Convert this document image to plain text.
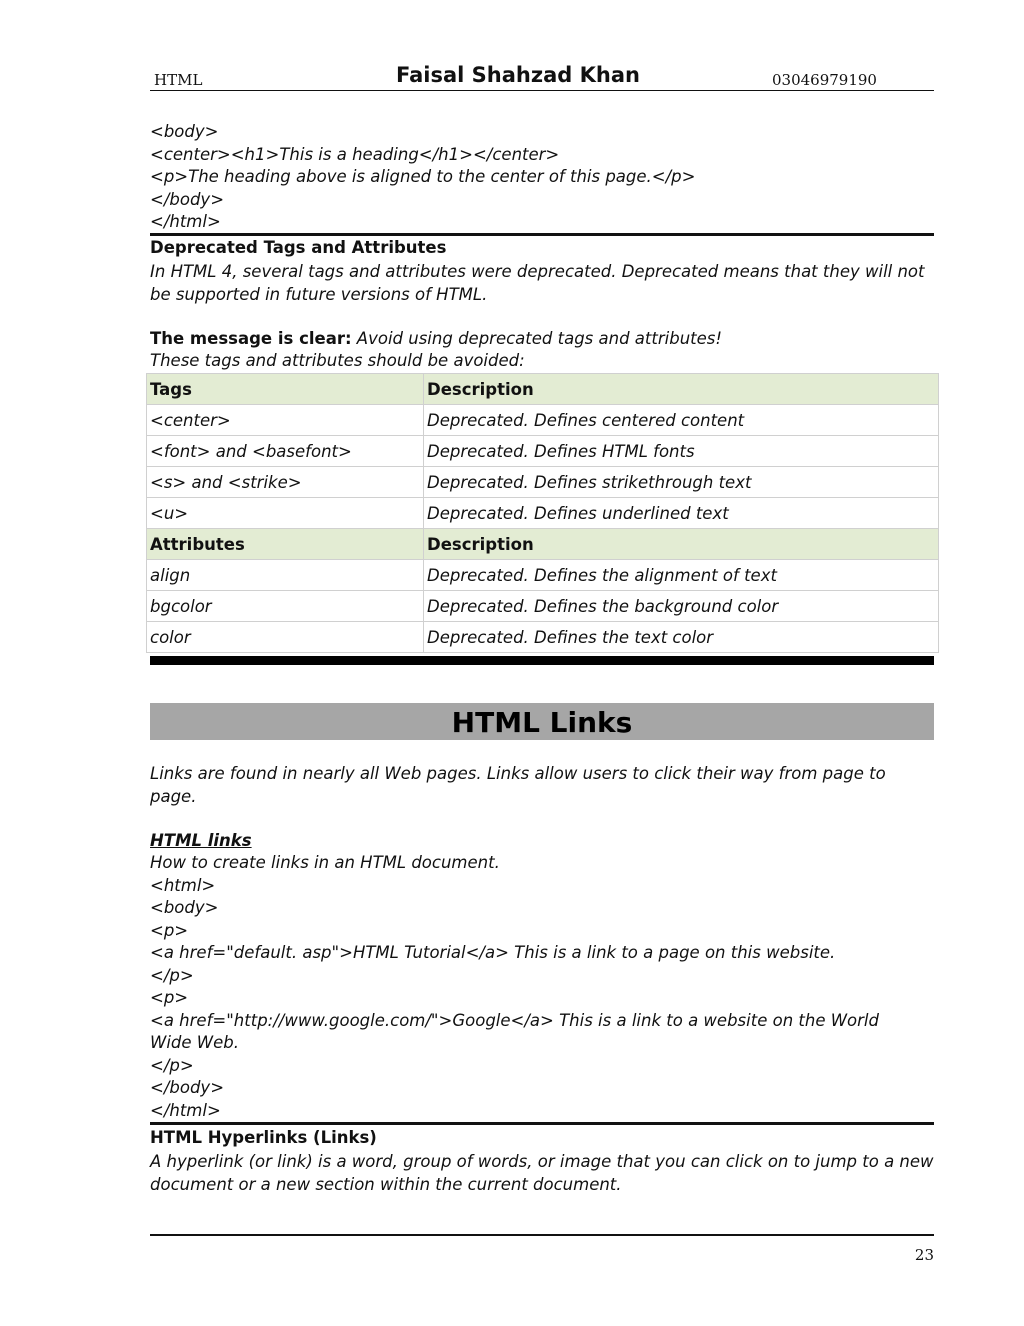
HTML	Faisal Shahzad Khan	03046979190
<body>
<center><h1>This is a heading</h1></center>
<p>The heading above is aligned to the center of this page.</p>
</body>
</html>
Deprecated Tags and Attributes
In HTML 4, several tags and attributes were deprecated. Deprecated means that they will not be supported in future versions of HTML.
The message is clear: Avoid using deprecated tags and attributes!
These tags and attributes should be avoided:
Tags	Description
<center>	Deprecated. Defines centered content
<font> and <basefont>	Deprecated. Defines HTML fonts
<s> and <strike>	Deprecated. Defines strikethrough text
<u>	Deprecated. Defines underlined text
Attributes	Description
align	Deprecated. Defines the alignment of text
bgcolor	Deprecated. Defines the background color
color	Deprecated. Defines the text color
HTML Links
Links are found in nearly all Web pages. Links allow users to click their way from page to page.
HTML links
How to create links in an HTML document.
<html>
<body>
<p>
<a href="default. asp">HTML Tutorial</a> This is a link to a page on this website.
</p>
<p>
<a href="http://www.google.com/">Google</a> This is a link to a website on the World
Wide Web.
</p>
</body>
</html>
HTML Hyperlinks (Links)
A hyperlink (or link) is a word, group of words, or image that you can click on to jump to a new document or a new section within the current document.
23
